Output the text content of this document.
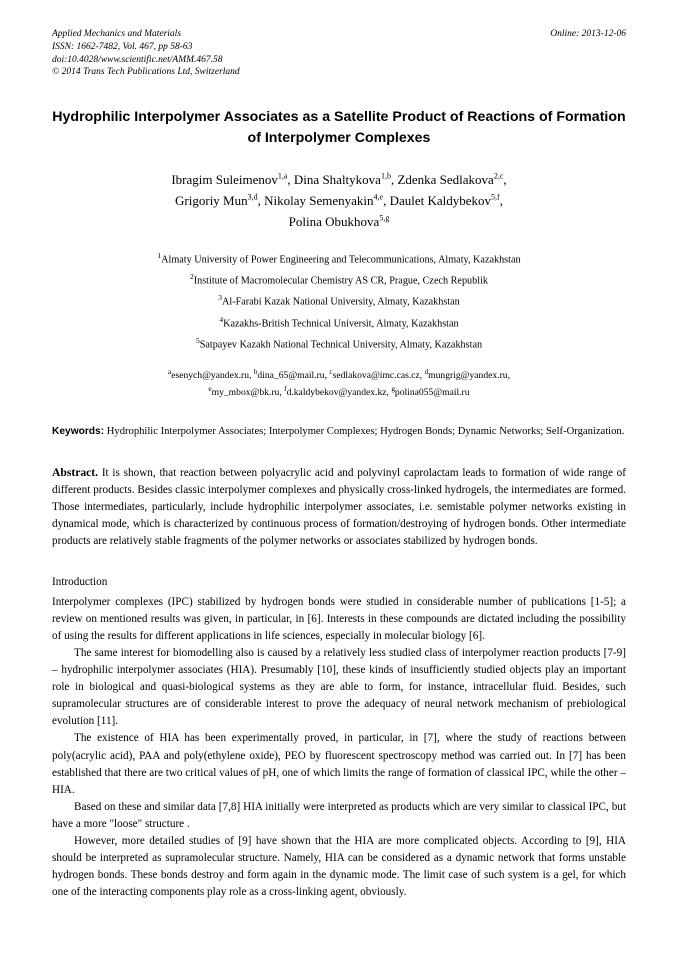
Applied Mechanics and Materials
ISSN: 1662-7482, Vol. 467, pp 58-63
doi:10.4028/www.scientific.net/AMM.467.58
© 2014 Trans Tech Publications Ltd, Switzerland
Online: 2013-12-06
Hydrophilic Interpolymer Associates as a Satellite Product of Reactions of Formation of Interpolymer Complexes
Ibragim Suleimenov$^{1,a}$, Dina Shaltykova$^{1,b}$, Zdenka Sedlakova$^{2,c}$,
Grigoriy Mun$^{3,d}$, Nikolay Semenyakin$^{4,e}$, Daulet Kaldybekov$^{5,f}$,
Polina Obukhova$^{5,g}$
$^1$Almaty University of Power Engineering and Telecommunications, Almaty, Kazakhstan
$^2$Institute of Macromolecular Chemistry AS CR, Prague, Czech Republik
$^3$Al-Farabi Kazak National University, Almaty, Kazakhstan
$^4$Kazakhs-British Technical Universit, Almaty, Kazakhstan
$^5$Satpayev Kazakh National Technical University, Almaty, Kazakhstan
$^a$esenych@yandex.ru, $^b$dina_65@mail.ru, $^c$sedlakova@imc.cas.cz, $^d$mungrig@yandex.ru,
$^e$my_mbox@bk.ru, $^f$d.kaldybekov@yandex.kz, $^g$polina055@mail.ru

Keywords: Hydrophilic Interpolymer Associates; Interpolymer Complexes; Hydrogen Bonds; Dynamic Networks; Self-Organization.

Abstract. It is shown, that reaction between polyacrylic acid and polyvinyl caprolactam leads to formation of wide range of different products. Besides classic interpolymer complexes and physically cross-linked hydrogels, the intermediates are formed. Those intermediates, particularly, include hydrophilic interpolymer associates, i.e. semistable polymer networks existing in dynamical mode, which is characterized by continuous process of formation/destroying of hydrogen bonds. Other intermediate products are relatively stable fragments of the polymer networks or associates stabilized by hydrogen bonds.

Introduction

Interpolymer complexes (IPC) stabilized by hydrogen bonds were studied in considerable number of publications [1-5]; a review on mentioned results was given, in particular, in [6]. Interests in these compounds are dictated including the possibility of using the results for different applications in life sciences, especially in molecular biology [6].

The same interest for biomodelling also is caused by a relatively less studied class of interpolymer reaction products [7-9] – hydrophilic interpolymer associates (HIA). Presumably [10], these kinds of insufficiently studied objects play an important role in biological and quasi-biological systems as they are able to form, for instance, intracellular fluid. Besides, such supramolecular structures are of considerable interest to prove the adequacy of neural network mechanism of prebiological evolution [11].

The existence of HIA has been experimentally proved, in particular, in [7], where the study of reactions between poly(acrylic acid), PAA and poly(ethylene oxide), PEO by fluorescent spectroscopy method was carried out. In [7] has been established that there are two critical values of pH, one of which limits the range of formation of classical IPC, while the other – HIA.

Based on these and similar data [7,8] HIA initially were interpreted as products which are very similar to classical IPC, but have a more "loose" structure .

However, more detailed studies of [9] have shown that the HIA are more complicated objects. According to [9], HIA should be interpreted as supramolecular structure. Namely, HIA can be considered as a dynamic network that forms unstable hydrogen bonds. These bonds destroy and form again in the dynamic mode. The limit case of such system is a gel, for which one of the interacting components play role as a cross-linking agent, obviously.
